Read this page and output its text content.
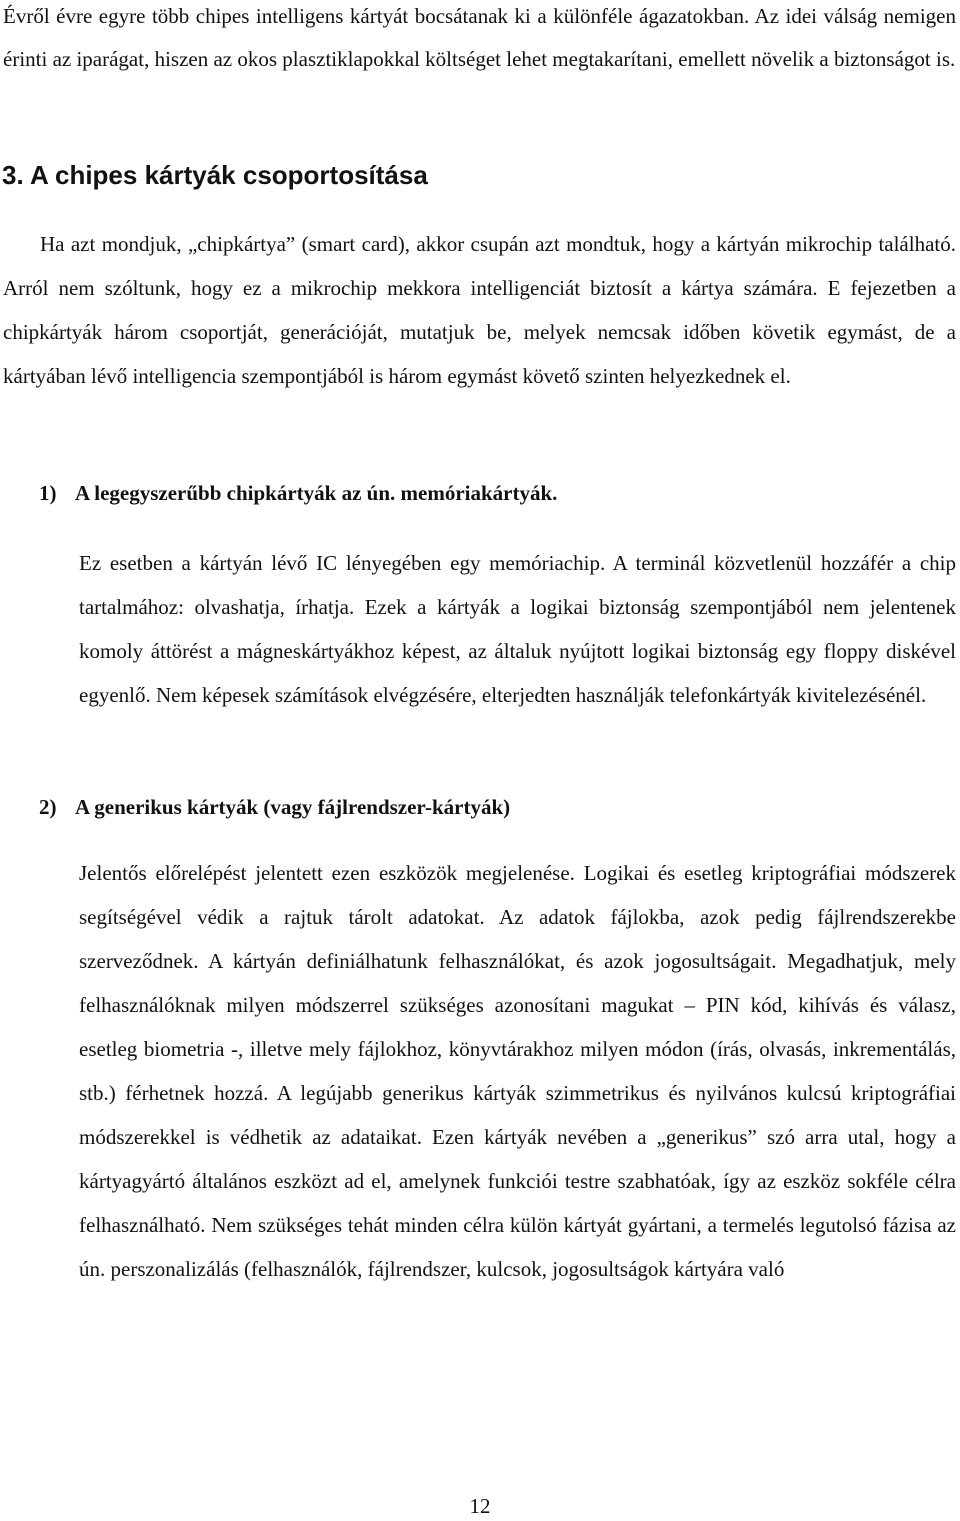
Évről évre egyre több chipes intelligens kártyát bocsátanak ki a különféle ágazatokban. Az idei válság nemigen érinti az iparágat, hiszen az okos plasztiklapokkal költséget lehet megtakarítani, emellett növelik a biztonságot is.

3. A chipes kártyák csoportosítása

Ha azt mondjuk, „chipkártya” (smart card), akkor csupán azt mondtuk, hogy a kártyán mikrochip található. Arról nem szóltunk, hogy ez a mikrochip mekkora intelligenciát biztosít a kártya számára. E fejezetben a chipkártyák három csoportját, generációját, mutatjuk be, melyek nemcsak időben követik egymást, de a kártyában lévő intelligencia szempontjából is három egymást követő szinten helyezkednek el.

1) A legegyszerűbb chipkártyák az ún. memóriakártyák.

Ez esetben a kártyán lévő IC lényegében egy memóriachip. A terminál közvetlenül hozzáfér a chip tartalmához: olvashatja, írhatja. Ezek a kártyák a logikai biztonság szempontjából nem jelentenek komoly áttörést a mágneskártyákhoz képest, az általuk nyújtott logikai biztonság egy floppy diskével egyenlő. Nem képesek számítások elvégzésére, elterjedten használják telefonkártyák kivitelezésénél.

2) A generikus kártyák (vagy fájlrendszer-kártyák)

Jelentős előrelépést jelentett ezen eszközök megjelenése. Logikai és esetleg kriptográfiai módszerek segítségével védik a rajtuk tárolt adatokat. Az adatok fájlokba, azok pedig fájlrendszerekbe szerveződnek. A kártyán definiálhatunk felhasználókat, és azok jogosultságait. Megadhatjuk, mely felhasználóknak milyen módszerrel szükséges azonosítani magukat – PIN kód, kihívás és válasz, esetleg biometria -, illetve mely fájlokhoz, könyvtárakhoz milyen módon (írás, olvasás, inkrementálás, stb.) férhetnek hozzá. A legújabb generikus kártyák szimmetrikus és nyilvános kulcsú kriptográfiai módszerekkel is védhetik az adataikat. Ezen kártyák nevében a „generikus” szó arra utal, hogy a kártyagyártó általános eszközt ad el, amelynek funkciói testre szabhatóak, így az eszköz sokféle célra felhasználható. Nem szükséges tehát minden célra külön kártyát gyártani, a termelés legutolsó fázisa az ún. perszonalizálás (felhasználók, fájlrendszer, kulcsok, jogosultságok kártyára való

12
